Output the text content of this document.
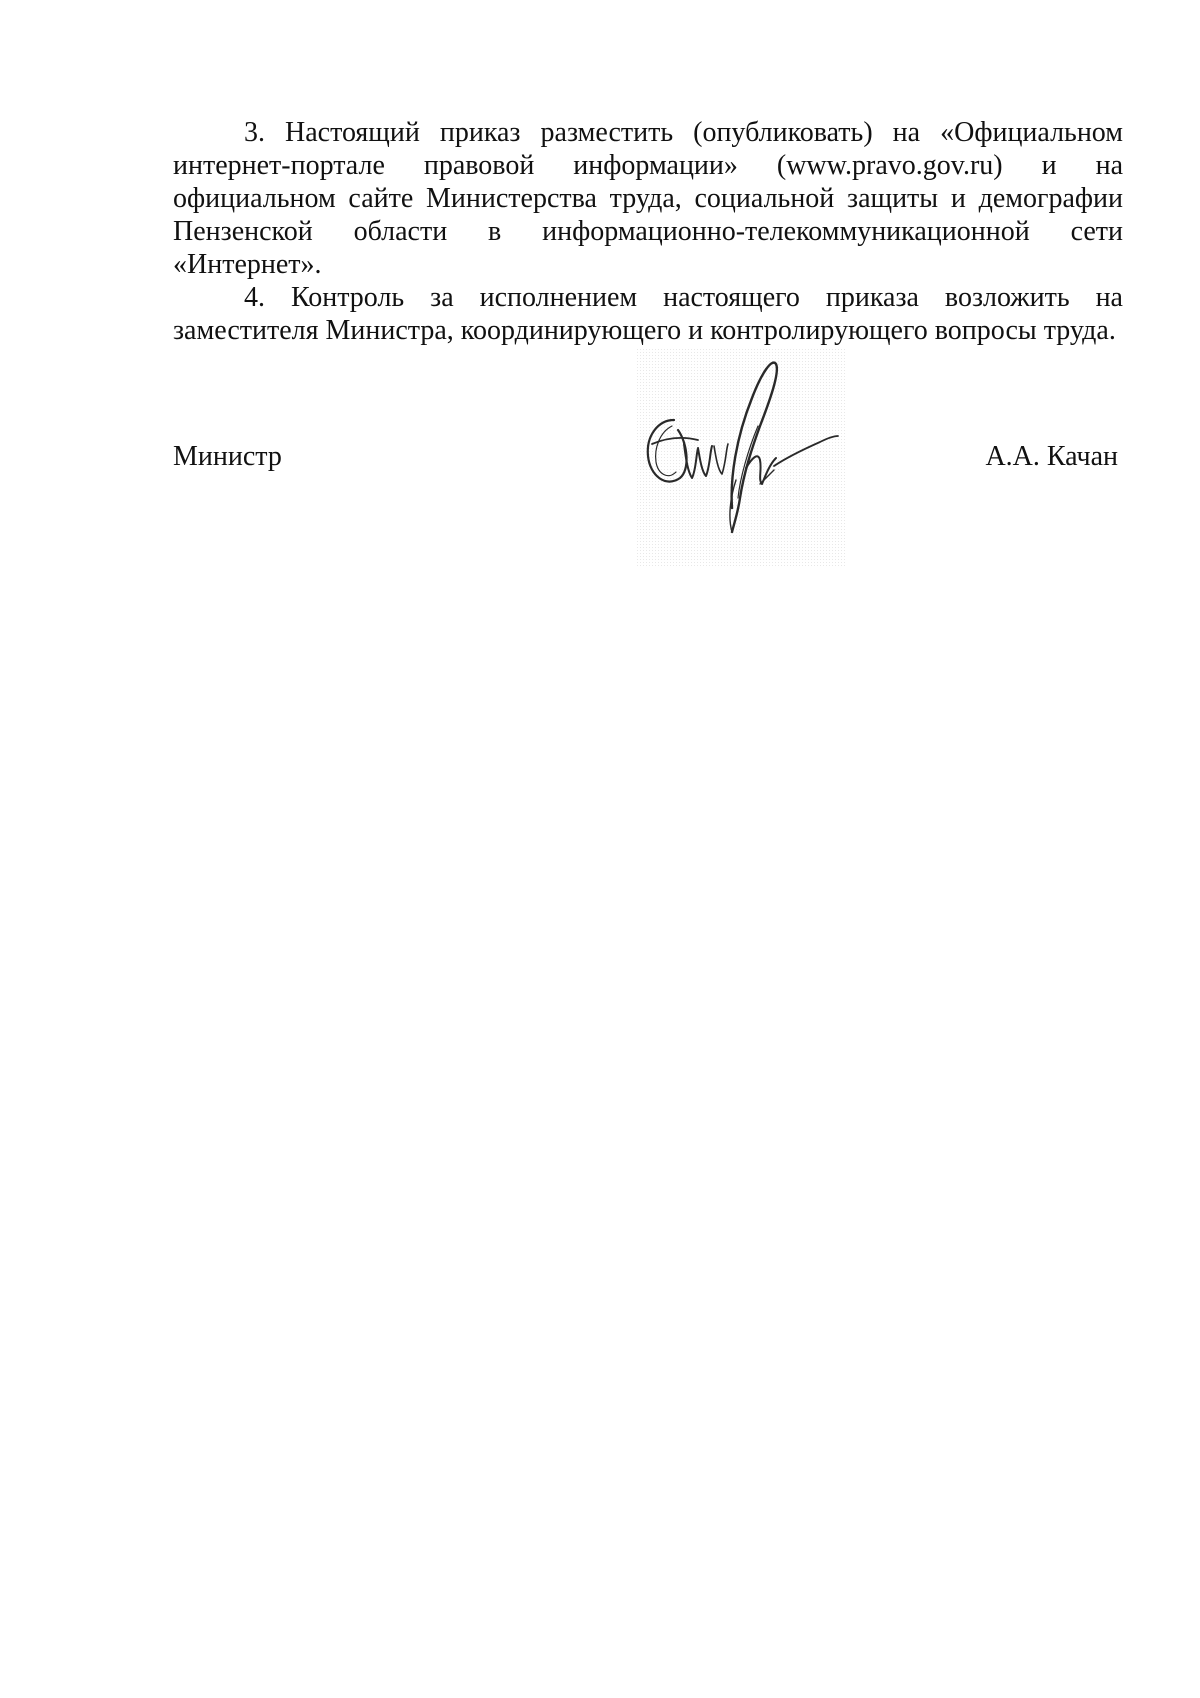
3. Настоящий приказ разместить (опубликовать) на «Официальном интернет-портале правовой информации» (www.pravo.gov.ru) и на официальном сайте Министерства труда, социальной защиты и демографии Пензенской области в информационно-телекоммуникационной сети «Интернет».

4. Контроль за исполнением настоящего приказа возложить на заместителя Министра, координирующего и контролирующего вопросы труда.

Министр	А.А. Качан
